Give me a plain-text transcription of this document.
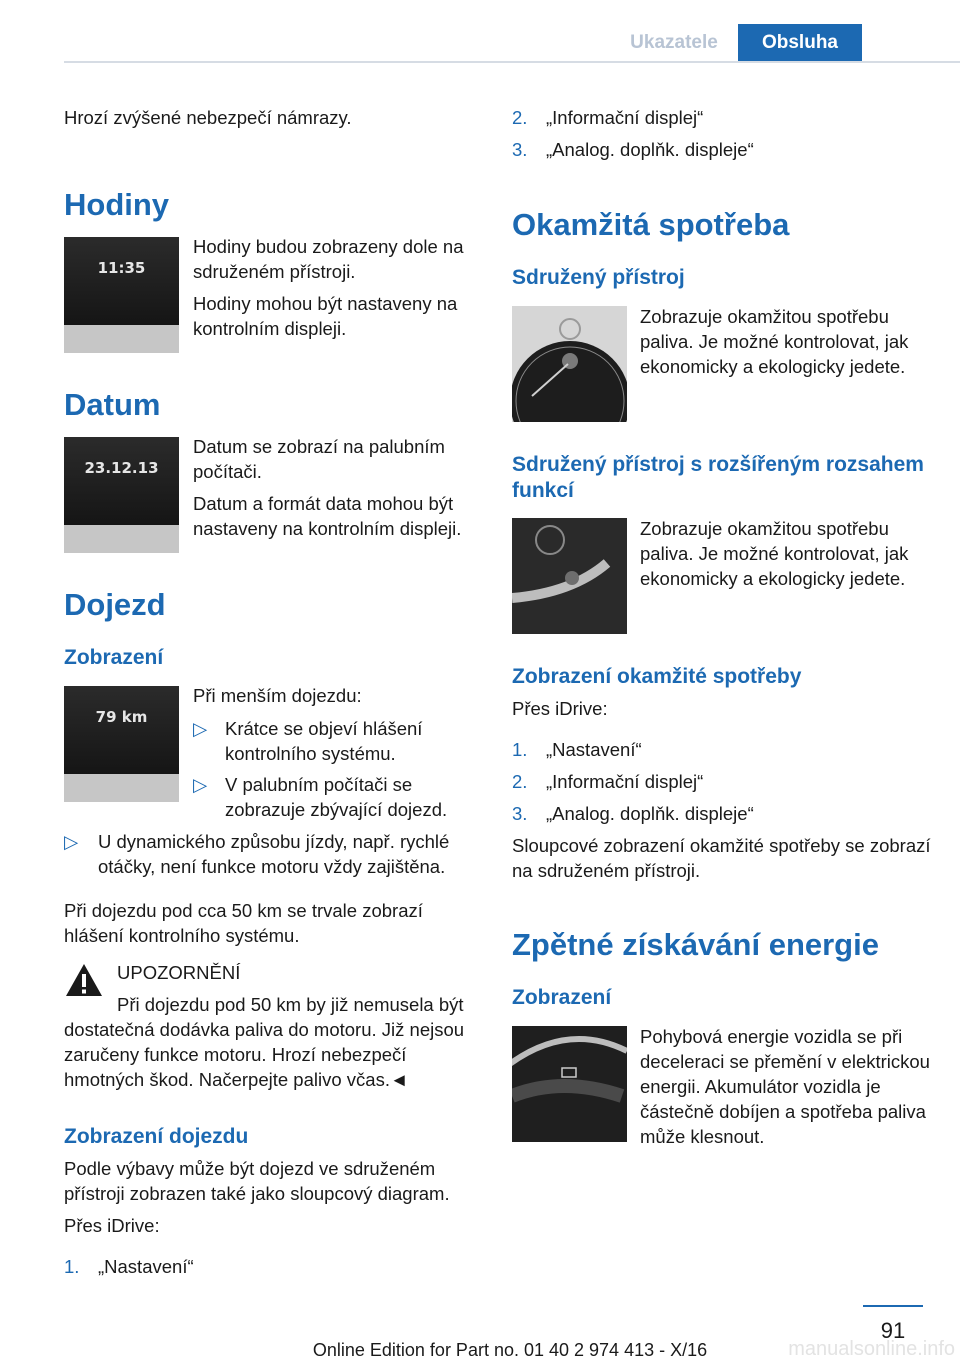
Ukazatele	Obsluha
Hrozí zvýšené nebezpečí námrazy.
Hodiny
11:35
Hodiny budou zobrazeny dole na sdruženém přístroji.
Hodiny mohou být nastaveny na kontrolním displeji.
Datum
23.12.13
Datum se zobrazí na palubním počítači.
Datum a formát data mohou být nastaveny na kontrolním displeji.
Dojezd
Zobrazení
79 km
Při menším dojezdu:
▷ Krátce se objeví hlášení kontrolního systému.
▷ V palubním počítači se zobrazuje zbývající dojezd.
▷ U dynamického způsobu jízdy, např. rychlé otáčky, není funkce motoru vždy zajištěna.
Při dojezdu pod cca 50 km se trvale zobrazí hlášení kontrolního systému.
UPOZORNĚNÍ
Při dojezdu pod 50 km by již nemusela být dostatečná dodávka paliva do motoru. Již nejsou zaručeny funkce motoru. Hrozí nebezpečí hmotných škod. Načerpejte palivo včas.◄
Zobrazení dojezdu
Podle výbavy může být dojezd ve sdruženém přístroji zobrazen také jako sloupcový diagram.
Přes iDrive:
1. „Nastavení“
2. „Informační displej“
3. „Analog. doplňk. displeje“
Okamžitá spotřeba
Sdružený přístroj
Zobrazuje okamžitou spotřebu paliva. Je možné kontrolovat, jak ekonomicky a ekologicky jedete.
Sdružený přístroj s rozšířeným rozsahem funkcí
Zobrazuje okamžitou spotřebu paliva. Je možné kontrolovat, jak ekonomicky a ekologicky jedete.
Zobrazení okamžité spotřeby
Přes iDrive:
1. „Nastavení“
2. „Informační displej“
3. „Analog. doplňk. displeje“
Sloupcové zobrazení okamžité spotřeby se zobrazí na sdruženém přístroji.
Zpětné získávání energie
Zobrazení
Pohybová energie vozidla se při deceleraci se přemění v elektrickou energii. Akumulátor vozidla je částečně dobíjen a spotřeba paliva může klesnout.
91
Online Edition for Part no. 01 40 2 974 413 - X/16	manualsonline.info
